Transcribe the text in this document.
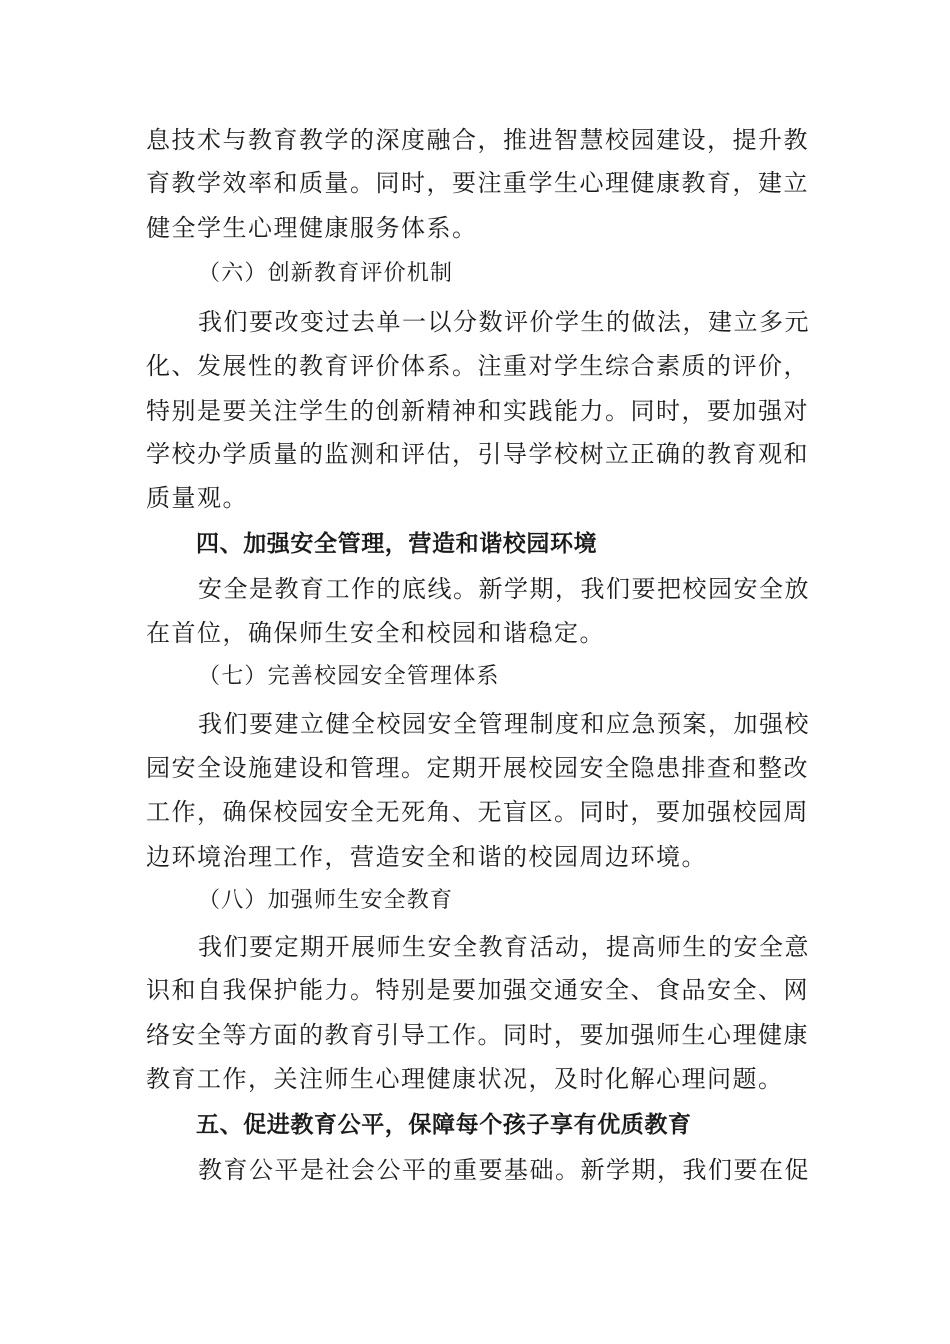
息技术与教育教学的深度融合，推进智慧校园建设，提升教
育教学效率和质量。同时，要注重学生心理健康教育，建立
健全学生心理健康服务体系。
（六）创新教育评价机制
我们要改变过去单一以分数评价学生的做法，建立多元
化、发展性的教育评价体系。注重对学生综合素质的评价，
特别是要关注学生的创新精神和实践能力。同时，要加强对
学校办学质量的监测和评估，引导学校树立正确的教育观和
质量观。
四、加强安全管理，营造和谐校园环境
安全是教育工作的底线。新学期，我们要把校园安全放
在首位，确保师生安全和校园和谐稳定。
（七）完善校园安全管理体系
我们要建立健全校园安全管理制度和应急预案，加强校
园安全设施建设和管理。定期开展校园安全隐患排查和整改
工作，确保校园安全无死角、无盲区。同时，要加强校园周
边环境治理工作，营造安全和谐的校园周边环境。
（八）加强师生安全教育
我们要定期开展师生安全教育活动，提高师生的安全意
识和自我保护能力。特别是要加强交通安全、食品安全、网
络安全等方面的教育引导工作。同时，要加强师生心理健康
教育工作，关注师生心理健康状况，及时化解心理问题。
五、促进教育公平，保障每个孩子享有优质教育
教育公平是社会公平的重要基础。新学期，我们要在促
